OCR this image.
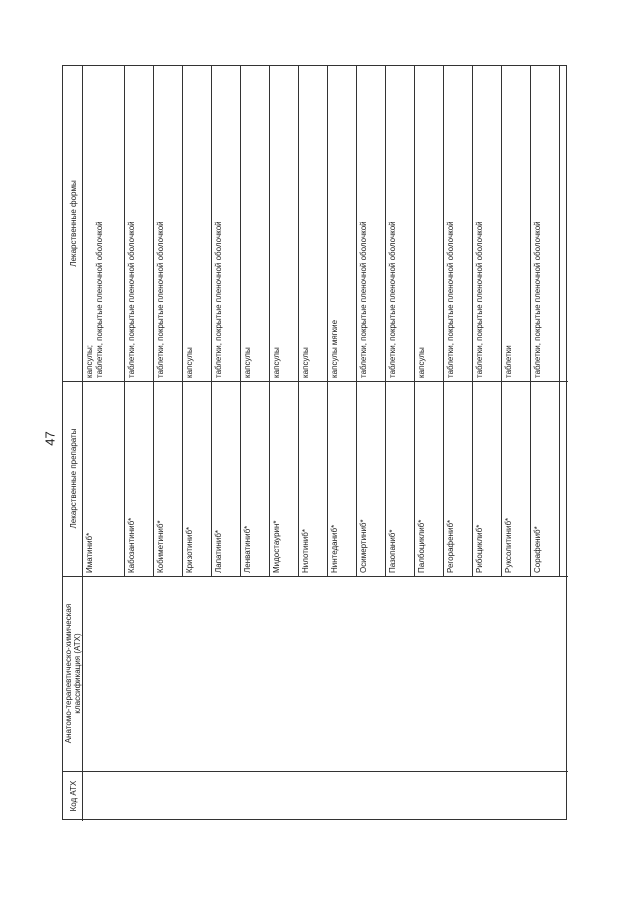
47
Код АТХ
Анатомо-терапевтическо-химическая классификация (АТХ)
Лекарственные препараты
Лекарственные формы
Иматиниб*
капсулы; таблетки, покрытые пленочной оболочкой
Кабозантиниб*
таблетки, покрытые пленочной оболочкой
Кобиметиниб*
таблетки, покрытые пленочной оболочкой
Кризотиниб*
капсулы
Лапатиниб*
таблетки, покрытые пленочной оболочкой
Ленватиниб*
капсулы
Мидостаурин*
капсулы
Нилотиниб*
капсулы
Нинтеданиб*
капсулы мягкие
Осимертиниб*
таблетки, покрытые пленочной оболочкой
Пазопаниб*
таблетки, покрытые пленочной оболочкой
Палбоциклиб*
капсулы
Регорафениб*
таблетки, покрытые пленочной оболочкой
Рибоциклиб*
таблетки, покрытые пленочной оболочкой
Руксолитиниб*
таблетки
Сорафениб*
таблетки, покрытые пленочной оболочкой
